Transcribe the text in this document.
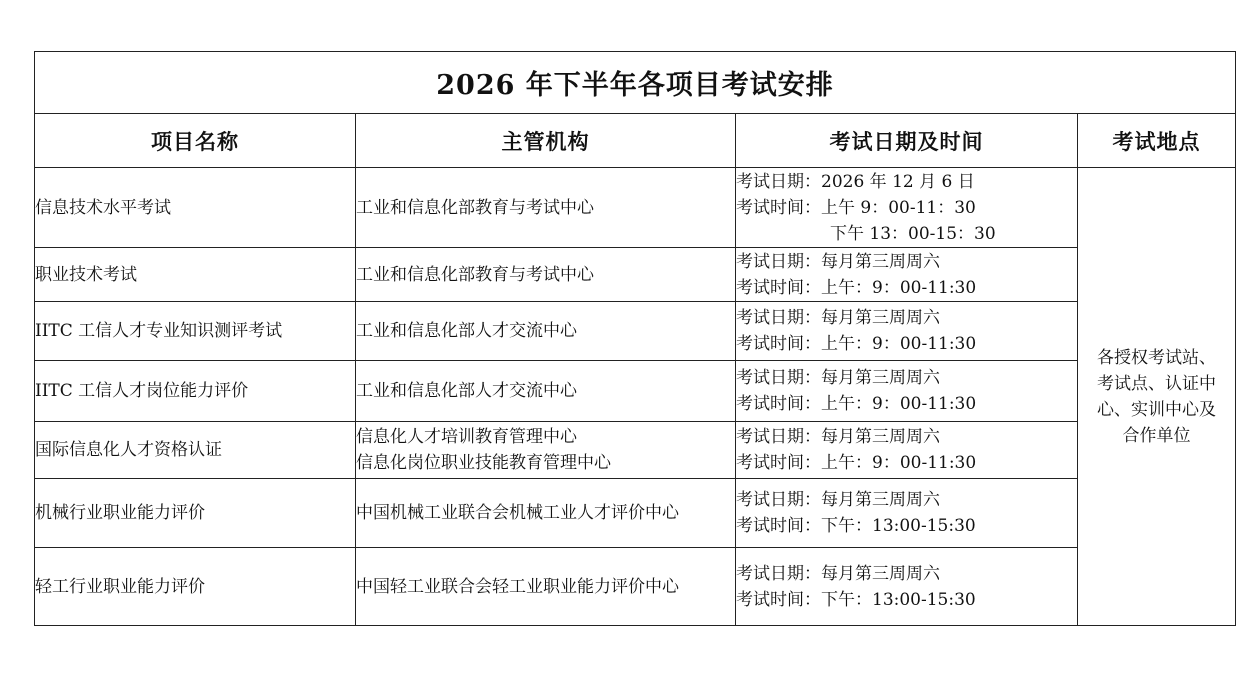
2026 年下半年各项目考试安排			
项目名称	主管机构	考试日期及时间	考试地点
信息技术水平考试	工业和信息化部教育与考试中心	考试日期：2026 年 12 月 6 日
考试时间：上午 9：00-11：30
下午 13：00-15：30	各授权考试站、
考试点、认证中
心、实训中心及
合作单位

职业技术考试	工业和信息化部教育与考试中心	考试日期：每月第三周周六
考试时间：上午：9：00-11:30	

IITC 工信人才专业知识测评考试	工业和信息化部人才交流中心	考试日期：每月第三周周六
考试时间：上午：9：00-11:30	

IITC 工信人才岗位能力评价	工业和信息化部人才交流中心	考试日期：每月第三周周六
考试时间：上午：9：00-11:30	

国际信息化人才资格认证	信息化人才培训教育管理中心
信息化岗位职业技能教育管理中心	考试日期：每月第三周周六
考试时间：上午：9：00-11:30	

机械行业职业能力评价	中国机械工业联合会机械工业人才评价中心	考试日期：每月第三周周六
考试时间：下午：13:00-15:30	

轻工行业职业能力评价	中国轻工业联合会轻工业职业能力评价中心	考试日期：每月第三周周六
考试时间：下午：13:00-15:30	
